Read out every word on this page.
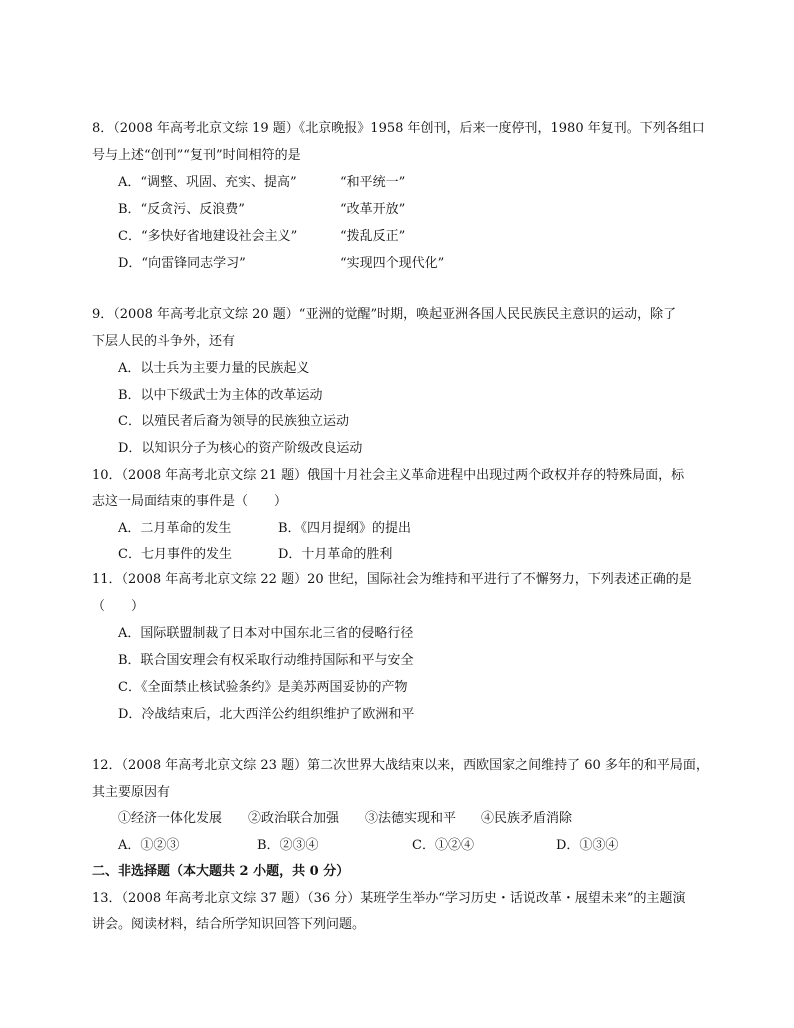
8．（2008 年高考北京文综 19 题）《北京晚报》1958 年创刊，后来一度停刊，1980 年复刊。下列各组口
号与上述“创刊”“复刊”时间相符的是
A．“调整、巩固、充实、提高”	“和平统一”
B．“反贪污、反浪费”	“改革开放”
C．“多快好省地建设社会主义”	“拨乱反正”
D．“向雷锋同志学习”	“实现四个现代化”
9．（2008 年高考北京文综 20 题）“亚洲的觉醒”时期，唤起亚洲各国人民民族民主意识的运动，除了
下层人民的斗争外，还有
A．以士兵为主要力量的民族起义
B．以中下级武士为主体的改革运动
C．以殖民者后裔为领导的民族独立运动
D．以知识分子为核心的资产阶级改良运动
10．（2008 年高考北京文综 21 题）俄国十月社会主义革命进程中出现过两个政权并存的特殊局面，标
志这一局面结束的事件是（　　）
A．二月革命的发生	B．《四月提纲》的提出
C．七月事件的发生	D．十月革命的胜利
11．（2008 年高考北京文综 22 题）20 世纪，国际社会为维持和平进行了不懈努力，下列表述正确的是
（　　）
A．国际联盟制裁了日本对中国东北三省的侵略行径
B．联合国安理会有权采取行动维持国际和平与安全
C．《全面禁止核试验条约》是美苏两国妥协的产物
D．冷战结束后，北大西洋公约组织维护了欧洲和平
12．（2008 年高考北京文综 23 题）第二次世界大战结束以来，西欧国家之间维持了 60 多年的和平局面，
其主要原因有
①经济一体化发展 ②政治联合加强 ③法德实现和平 ④民族矛盾消除
A．①②③	B．②③④	C．①②④	D．①③④
二、非选择题（本大题共 2 小题，共 0 分）
13．（2008 年高考北京文综 37 题）（36 分）某班学生举办“学习历史・话说改革・展望未来”的主题演
讲会。阅读材料，结合所学知识回答下列问题。
